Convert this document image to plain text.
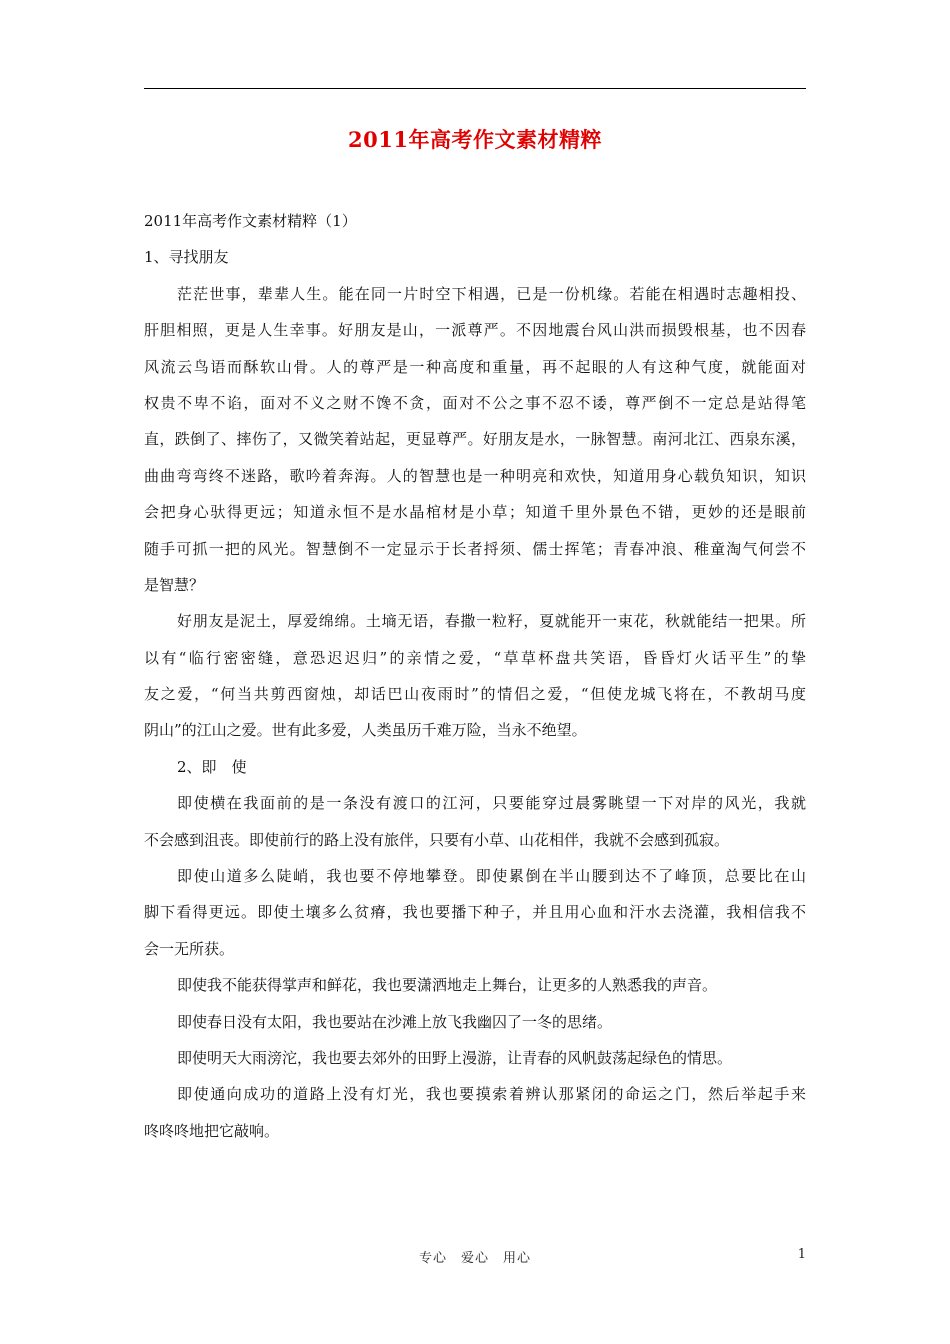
2011年高考作文素材精粹
2011年高考作文素材精粹（1）
1、寻找朋友
茫茫世事，辈辈人生。能在同一片时空下相遇，已是一份机缘。若能在相遇时志趣相投、
肝胆相照，更是人生幸事。好朋友是山，一派尊严。不因地震台风山洪而损毁根基，也不因春
风流云鸟语而酥软山骨。人的尊严是一种高度和重量，再不起眼的人有这种气度，就能面对
权贵不卑不谄，面对不义之财不馋不贪，面对不公之事不忍不诿，尊严倒不一定总是站得笔
直，跌倒了、摔伤了，又微笑着站起，更显尊严。好朋友是水，一脉智慧。南河北江、西泉东溪，
曲曲弯弯终不迷路，歌吟着奔海。人的智慧也是一种明亮和欢快，知道用身心载负知识，知识
会把身心驮得更远；知道永恒不是水晶棺材是小草；知道千里外景色不错，更妙的还是眼前
随手可抓一把的风光。智慧倒不一定显示于长者捋须、儒士挥笔；青春冲浪、稚童淘气何尝不
是智慧？
好朋友是泥土，厚爱绵绵。土墒无语，春撒一粒籽，夏就能开一束花，秋就能结一把果。所
以有“临行密密缝，意恐迟迟归”的亲情之爱，“草草杯盘共笑语，昏昏灯火话平生”的挚
友之爱，“何当共剪西窗烛，却话巴山夜雨时”的情侣之爱，“但使龙城飞将在，不教胡马度
阴山”的江山之爱。世有此多爱，人类虽历千难万险，当永不绝望。
2、即　使
即使横在我面前的是一条没有渡口的江河，只要能穿过晨雾眺望一下对岸的风光，我就
不会感到沮丧。即使前行的路上没有旅伴，只要有小草、山花相伴，我就不会感到孤寂。
即使山道多么陡峭，我也要不停地攀登。即使累倒在半山腰到达不了峰顶，总要比在山
脚下看得更远。即使土壤多么贫瘠，我也要播下种子，并且用心血和汗水去浇灌，我相信我不
会一无所获。
即使我不能获得掌声和鲜花，我也要潇洒地走上舞台，让更多的人熟悉我的声音。
即使春日没有太阳，我也要站在沙滩上放飞我幽囚了一冬的思绪。
即使明天大雨滂沱，我也要去郊外的田野上漫游，让青春的风帆鼓荡起绿色的情思。
即使通向成功的道路上没有灯光，我也要摸索着辨认那紧闭的命运之门，然后举起手来
咚咚咚地把它敲响。
专心　爱心　用心	1
